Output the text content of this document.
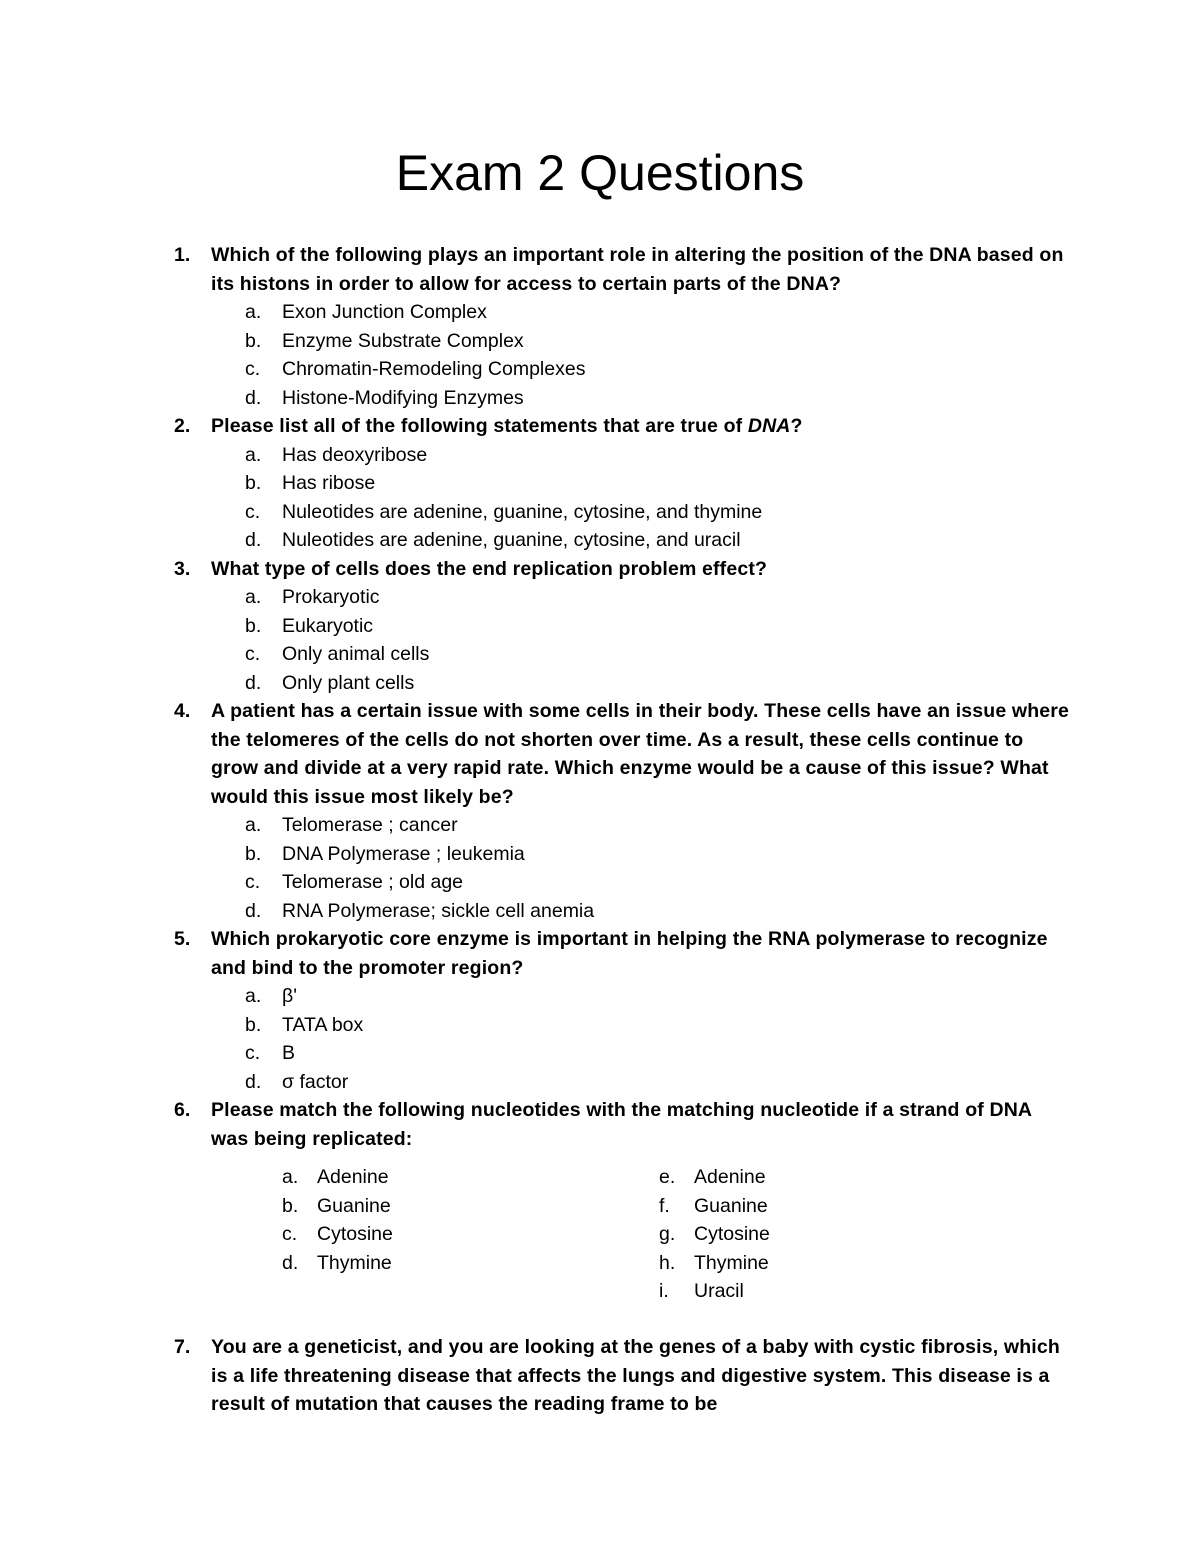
Exam 2 Questions
1. Which of the following plays an important role in altering the position of the DNA based on its histons in order to allow for access to certain parts of the DNA?
a. Exon Junction Complex
b. Enzyme Substrate Complex
c. Chromatin-Remodeling Complexes
d. Histone-Modifying Enzymes
2. Please list all of the following statements that are true of DNA?
a. Has deoxyribose
b. Has ribose
c. Nuleotides are adenine, guanine, cytosine, and thymine
d. Nuleotides are adenine, guanine, cytosine, and uracil
3. What type of cells does the end replication problem effect?
a. Prokaryotic
b. Eukaryotic
c. Only animal cells
d. Only plant cells
4. A patient has a certain issue with some cells in their body. These cells have an issue where the telomeres of the cells do not shorten over time. As a result, these cells continue to grow and divide at a very rapid rate. Which enzyme would be a cause of this issue? What would this issue most likely be?
a. Telomerase ; cancer
b. DNA Polymerase ; leukemia
c. Telomerase ; old age
d. RNA Polymerase; sickle cell anemia
5. Which prokaryotic core enzyme is important in helping the RNA polymerase to recognize and bind to the promoter region?
a. β'
b. TATA box
c. B
d. σ factor
6. Please match the following nucleotides with the matching nucleotide if a strand of DNA was being replicated:
a. Adenine
b. Guanine
c. Cytosine
d. Thymine
e. Adenine
f. Guanine
g. Cytosine
h. Thymine
i. Uracil
7. You are a geneticist, and you are looking at the genes of a baby with cystic fibrosis, which is a life threatening disease that affects the lungs and digestive system. This disease is a result of mutation that causes the reading frame to be
